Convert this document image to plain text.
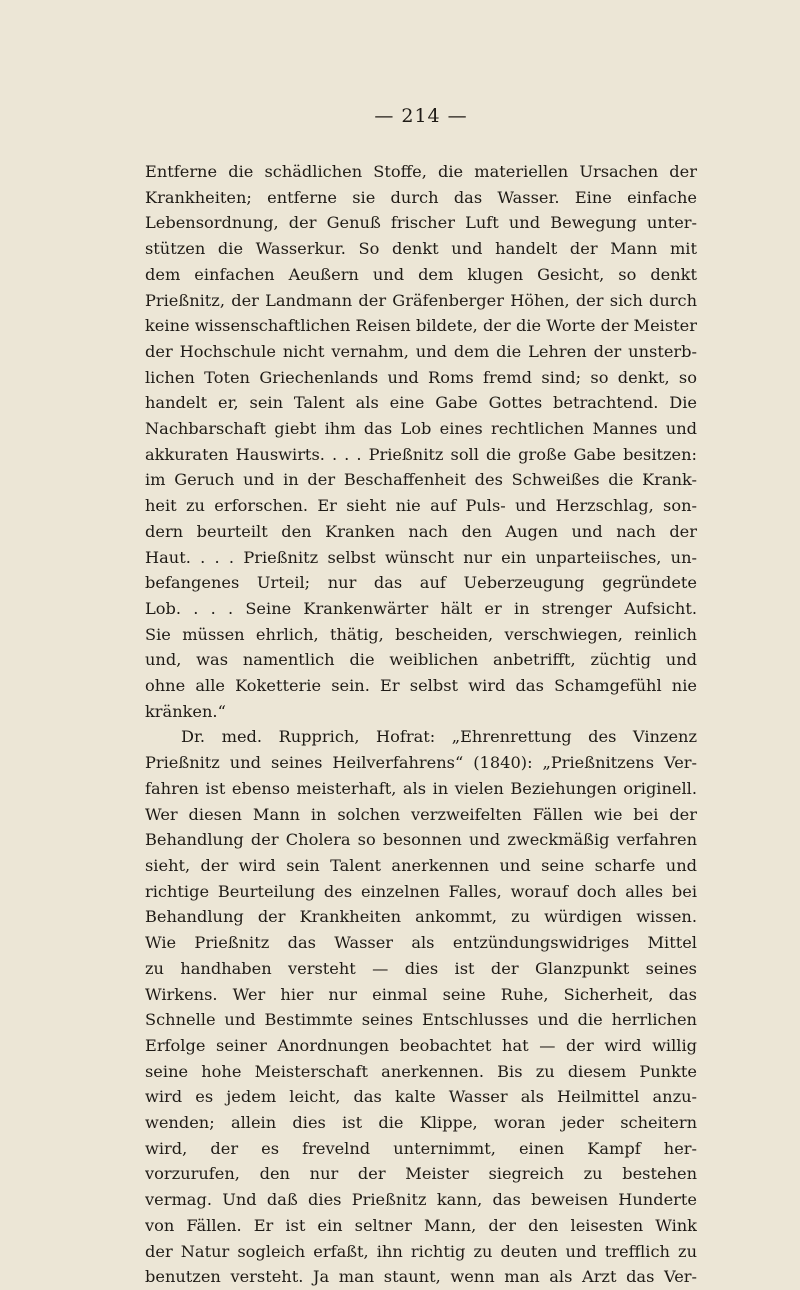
— 214 —
Entferne die schädlichen Stoffe, die materiellen Ursachen der
Krankheiten; entferne sie durch das Wasser. Eine einfache
Lebensordnung, der Genuß frischer Luft und Bewegung unter-
stützen die Wasserkur. So denkt und handelt der Mann mit
dem einfachen Aeußern und dem klugen Gesicht, so denkt
Prießnitz, der Landmann der Gräfenberger Höhen, der sich durch
keine wissenschaftlichen Reisen bildete, der die Worte der Meister
der Hochschule nicht vernahm, und dem die Lehren der unsterb-
lichen Toten Griechenlands und Roms fremd sind; so denkt, so
handelt er, sein Talent als eine Gabe Gottes betrachtend. Die
Nachbarschaft giebt ihm das Lob eines rechtlichen Mannes und
akkuraten Hauswirts. . . . Prießnitz soll die große Gabe besitzen:
im Geruch und in der Beschaffenheit des Schweißes die Krank-
heit zu erforschen. Er sieht nie auf Puls- und Herzschlag, son-
dern beurteilt den Kranken nach den Augen und nach der
Haut. . . . Prießnitz selbst wünscht nur ein unparteiisches, un-
befangenes Urteil; nur das auf Ueberzeugung gegründete
Lob. . . . Seine Krankenwärter hält er in strenger Aufsicht.
Sie müssen ehrlich, thätig, bescheiden, verschwiegen, reinlich
und, was namentlich die weiblichen anbetrifft, züchtig und
ohne alle Koketterie sein. Er selbst wird das Schamgefühl nie
kränken.“
Dr. med. Rupprich, Hofrat: „Ehrenrettung des Vinzenz
Prießnitz und seines Heilverfahrens“ (1840): „Prießnitzens Ver-
fahren ist ebenso meisterhaft, als in vielen Beziehungen originell.
Wer diesen Mann in solchen verzweifelten Fällen wie bei der
Behandlung der Cholera so besonnen und zweckmäßig verfahren
sieht, der wird sein Talent anerkennen und seine scharfe und
richtige Beurteilung des einzelnen Falles, worauf doch alles bei
Behandlung der Krankheiten ankommt, zu würdigen wissen.
Wie Prießnitz das Wasser als entzündungswidriges Mittel
zu handhaben versteht — dies ist der Glanzpunkt seines
Wirkens. Wer hier nur einmal seine Ruhe, Sicherheit, das
Schnelle und Bestimmte seines Entschlusses und die herrlichen
Erfolge seiner Anordnungen beobachtet hat — der wird willig
seine hohe Meisterschaft anerkennen. Bis zu diesem Punkte
wird es jedem leicht, das kalte Wasser als Heilmittel anzu-
wenden; allein dies ist die Klippe, woran jeder scheitern
wird, der es frevelnd unternimmt, einen Kampf her-
vorzurufen, den nur der Meister siegreich zu bestehen
vermag. Und daß dies Prießnitz kann, das beweisen Hunderte
von Fällen. Er ist ein seltner Mann, der den leisesten Wink
der Natur sogleich erfaßt, ihn richtig zu deuten und trefflich zu
benutzen versteht. Ja man staunt, wenn man als Arzt das Ver-
